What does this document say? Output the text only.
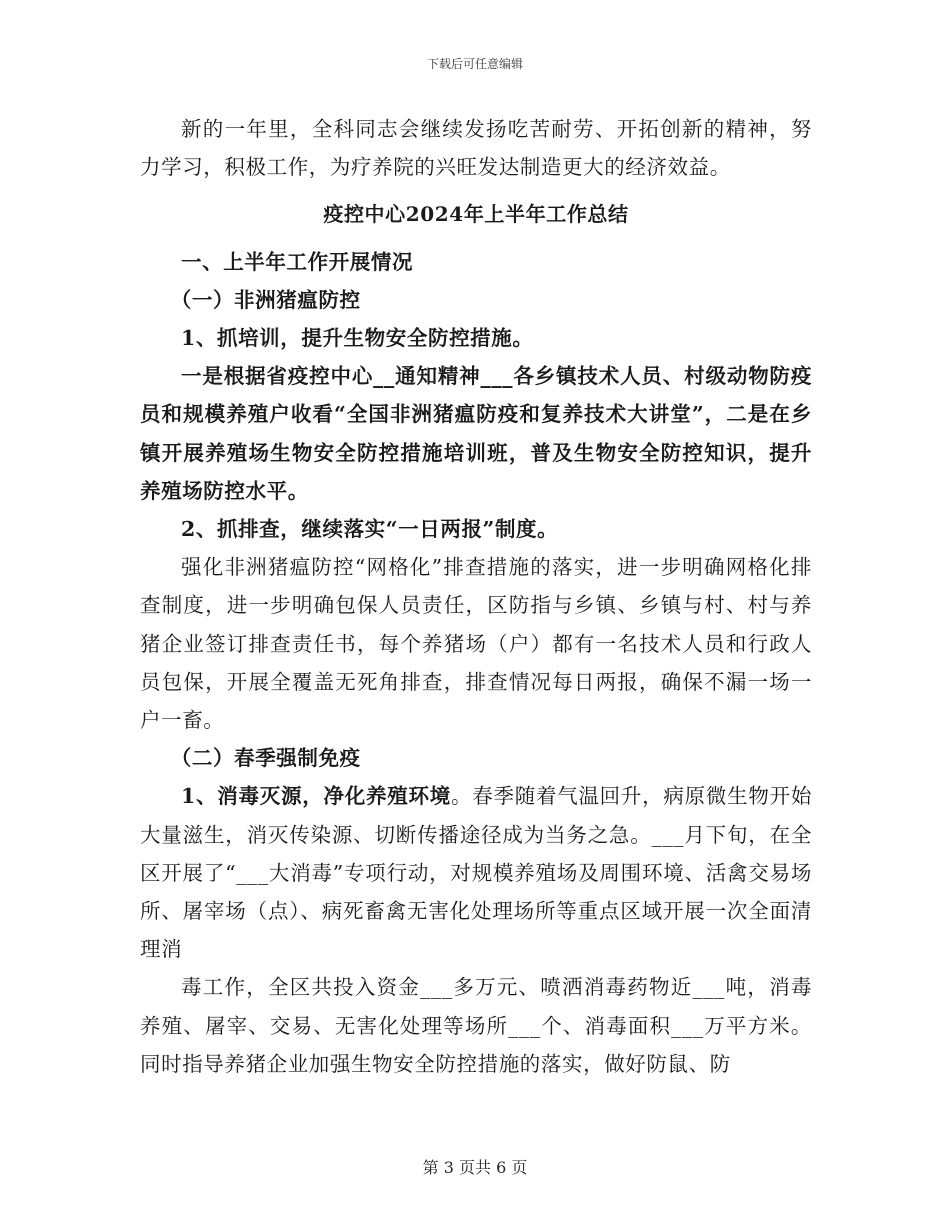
下载后可任意编辑

新的一年里，全科同志会继续发扬吃苦耐劳、开拓创新的精神，努力学习，积极工作，为疗养院的兴旺发达制造更大的经济效益。

疫控中心2024年上半年工作总结

一、上半年工作开展情况

（一）非洲猪瘟防控

1、抓培训，提升生物安全防控措施。

一是根据省疫控中心__通知精神___各乡镇技术人员、村级动物防疫员和规模养殖户收看“全国非洲猪瘟防疫和复养技术大讲堂”，二是在乡镇开展养殖场生物安全防控措施培训班，普及生物安全防控知识，提升养殖场防控水平。

2、抓排查，继续落实“一日两报”制度。

强化非洲猪瘟防控“网格化”排查措施的落实，进一步明确网格化排查制度，进一步明确包保人员责任，区防指与乡镇、乡镇与村、村与养猪企业签订排查责任书，每个养猪场（户）都有一名技术人员和行政人员包保，开展全覆盖无死角排查，排查情况每日两报，确保不漏一场一户一畜。

（二）春季强制免疫

1、消毒灭源，净化养殖环境。春季随着气温回升，病原微生物开始大量滋生，消灭传染源、切断传播途径成为当务之急。___月下旬，在全区开展了“___大消毒”专项行动，对规模养殖场及周围环境、活禽交易场所、屠宰场（点）、病死畜禽无害化处理场所等重点区域开展一次全面清理消

毒工作，全区共投入资金___多万元、喷洒消毒药物近___吨，消毒养殖、屠宰、交易、无害化处理等场所___个、消毒面积___万平方米。同时指导养猪企业加强生物安全防控措施的落实，做好防鼠、防

第 3 页共 6 页
